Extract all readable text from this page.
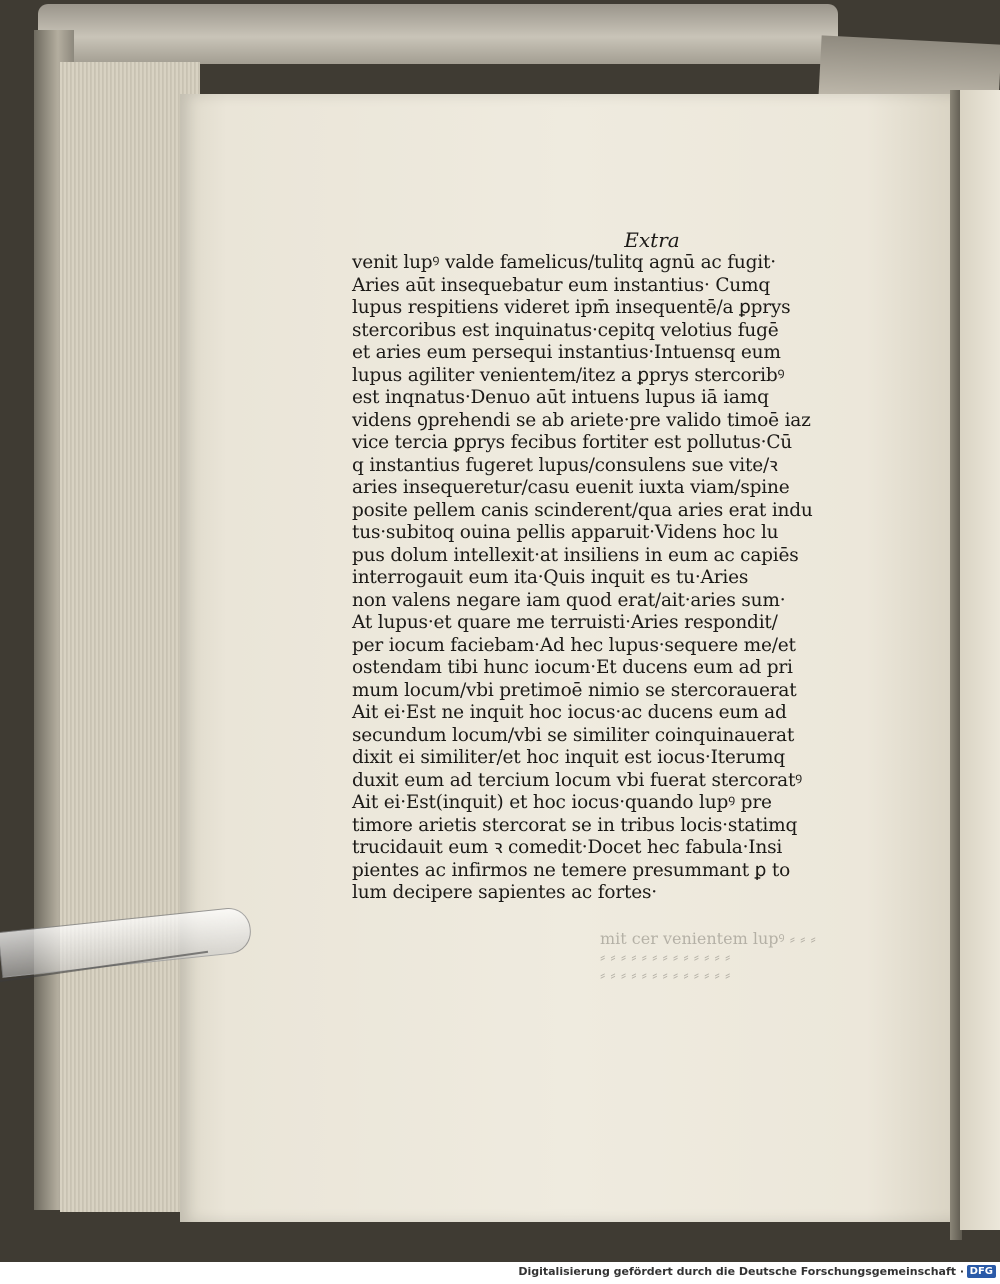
mit cer venientem lupꝰ ⸗ ⸗ ⸗
⸗ ⸗ ⸗ ⸗ ⸗ ⸗ ⸗ ⸗ ⸗ ⸗ ⸗ ⸗ ⸗
⸗ ⸗ ⸗ ⸗ ⸗ ⸗ ⸗ ⸗ ⸗ ⸗ ⸗ ⸗ ⸗
Extra
venit lupꝰ valde famelicus/tulitq agnū ac fugit·
Aries aūt insequebatur eum instantius· Cumq
lupus respitiens videret ipm̄ insequentē/a ꝑprys
stercoribus est inquinatus·cepitq velotius fugē
et aries eum persequi instantius·Intuensq eum
lupus agiliter venientem/itez a ꝑprys stercoribꝰ
est inqnatus·Denuo aūt intuens lupus iā iamq
videns ꝯprehendi se ab ariete·pre valido timoē iaz
vice tercia ꝑprys fecibus fortiter est pollutus·Cū
q instantius fugeret lupus/consulens sue vite/ꝛ
aries insequeretur/casu euenit iuxta viam/spine
posite pellem canis scinderent/qua aries erat indu
tus·subitoq ouina pellis apparuit·Videns hoc lu
pus dolum intellexit·at insiliens in eum ac capiēs
interrogauit eum ita·Quis inquit es tu·Aries
non valens negare iam quod erat/ait·aries sum·
At lupus·et quare me terruisti·Aries respondit/
per iocum faciebam·Ad hec lupus·sequere me/et
ostendam tibi hunc iocum·Et ducens eum ad pri
mum locum/vbi pretimoē nimio se stercorauerat
Ait ei·Est ne inquit hoc iocus·ac ducens eum ad
secundum locum/vbi se similiter coinquinauerat
dixit ei similiter/et hoc inquit est iocus·Iterumq
duxit eum ad tercium locum vbi fuerat stercoratꝰ
Ait ei·Est(inquit) et hoc iocus·quando lupꝰ pre
timore arietis stercorat se in tribus locis·statimq
trucidauit eum ꝛ comedit·Docet hec fabula·Insi
pientes ac infirmos ne temere presummant ꝑ to
lum decipere sapientes ac fortes·
Digitalisierung gefördert durch die Deutsche Forschungsgemeinschaft · DFG
